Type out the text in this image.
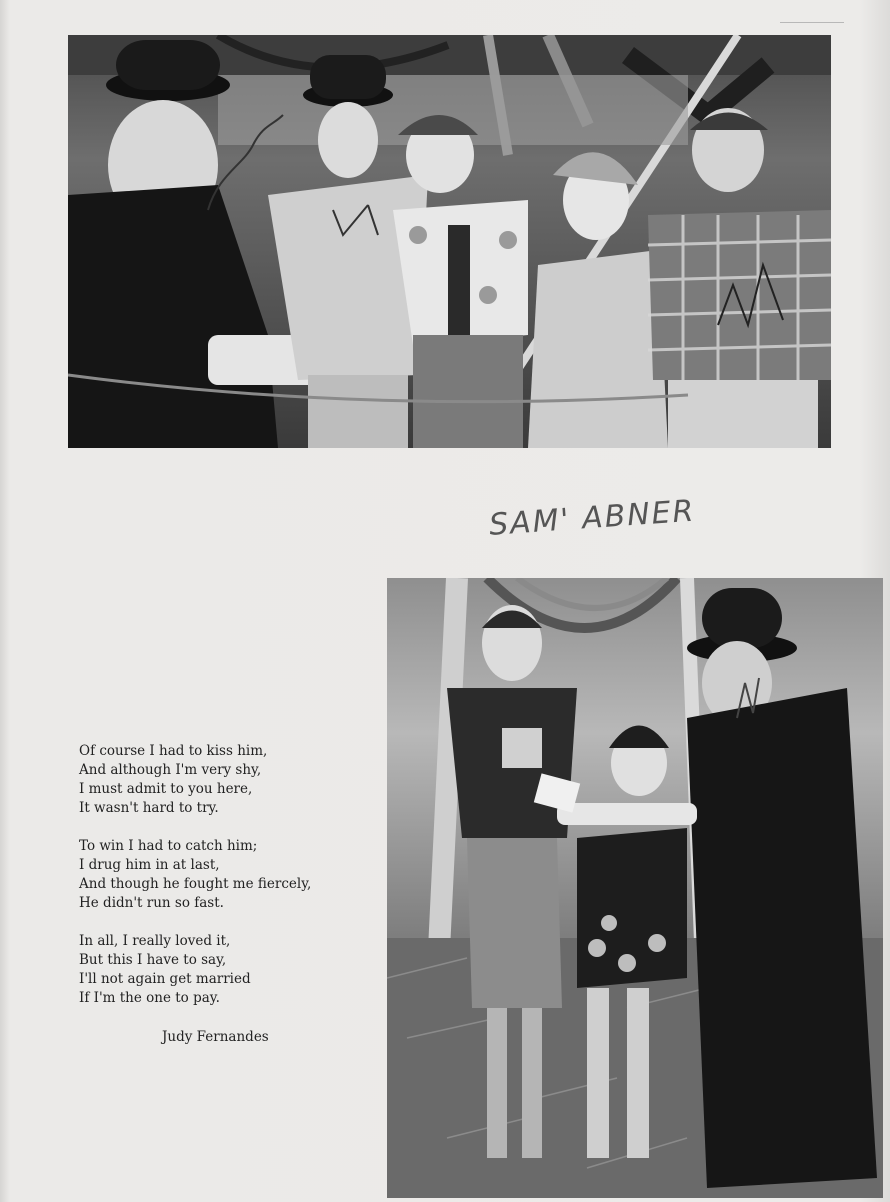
SAM' ABNER
Of course I had to kiss him,
And although I'm very shy,
I must admit to you here,
It wasn't hard to try.
To win I had to catch him;
I drug him in at last,
And though he fought me fiercely,
He didn't run so fast.
In all, I really loved it,
But this I have to say,
I'll not again get married
If I'm the one to pay.
Judy Fernandes
